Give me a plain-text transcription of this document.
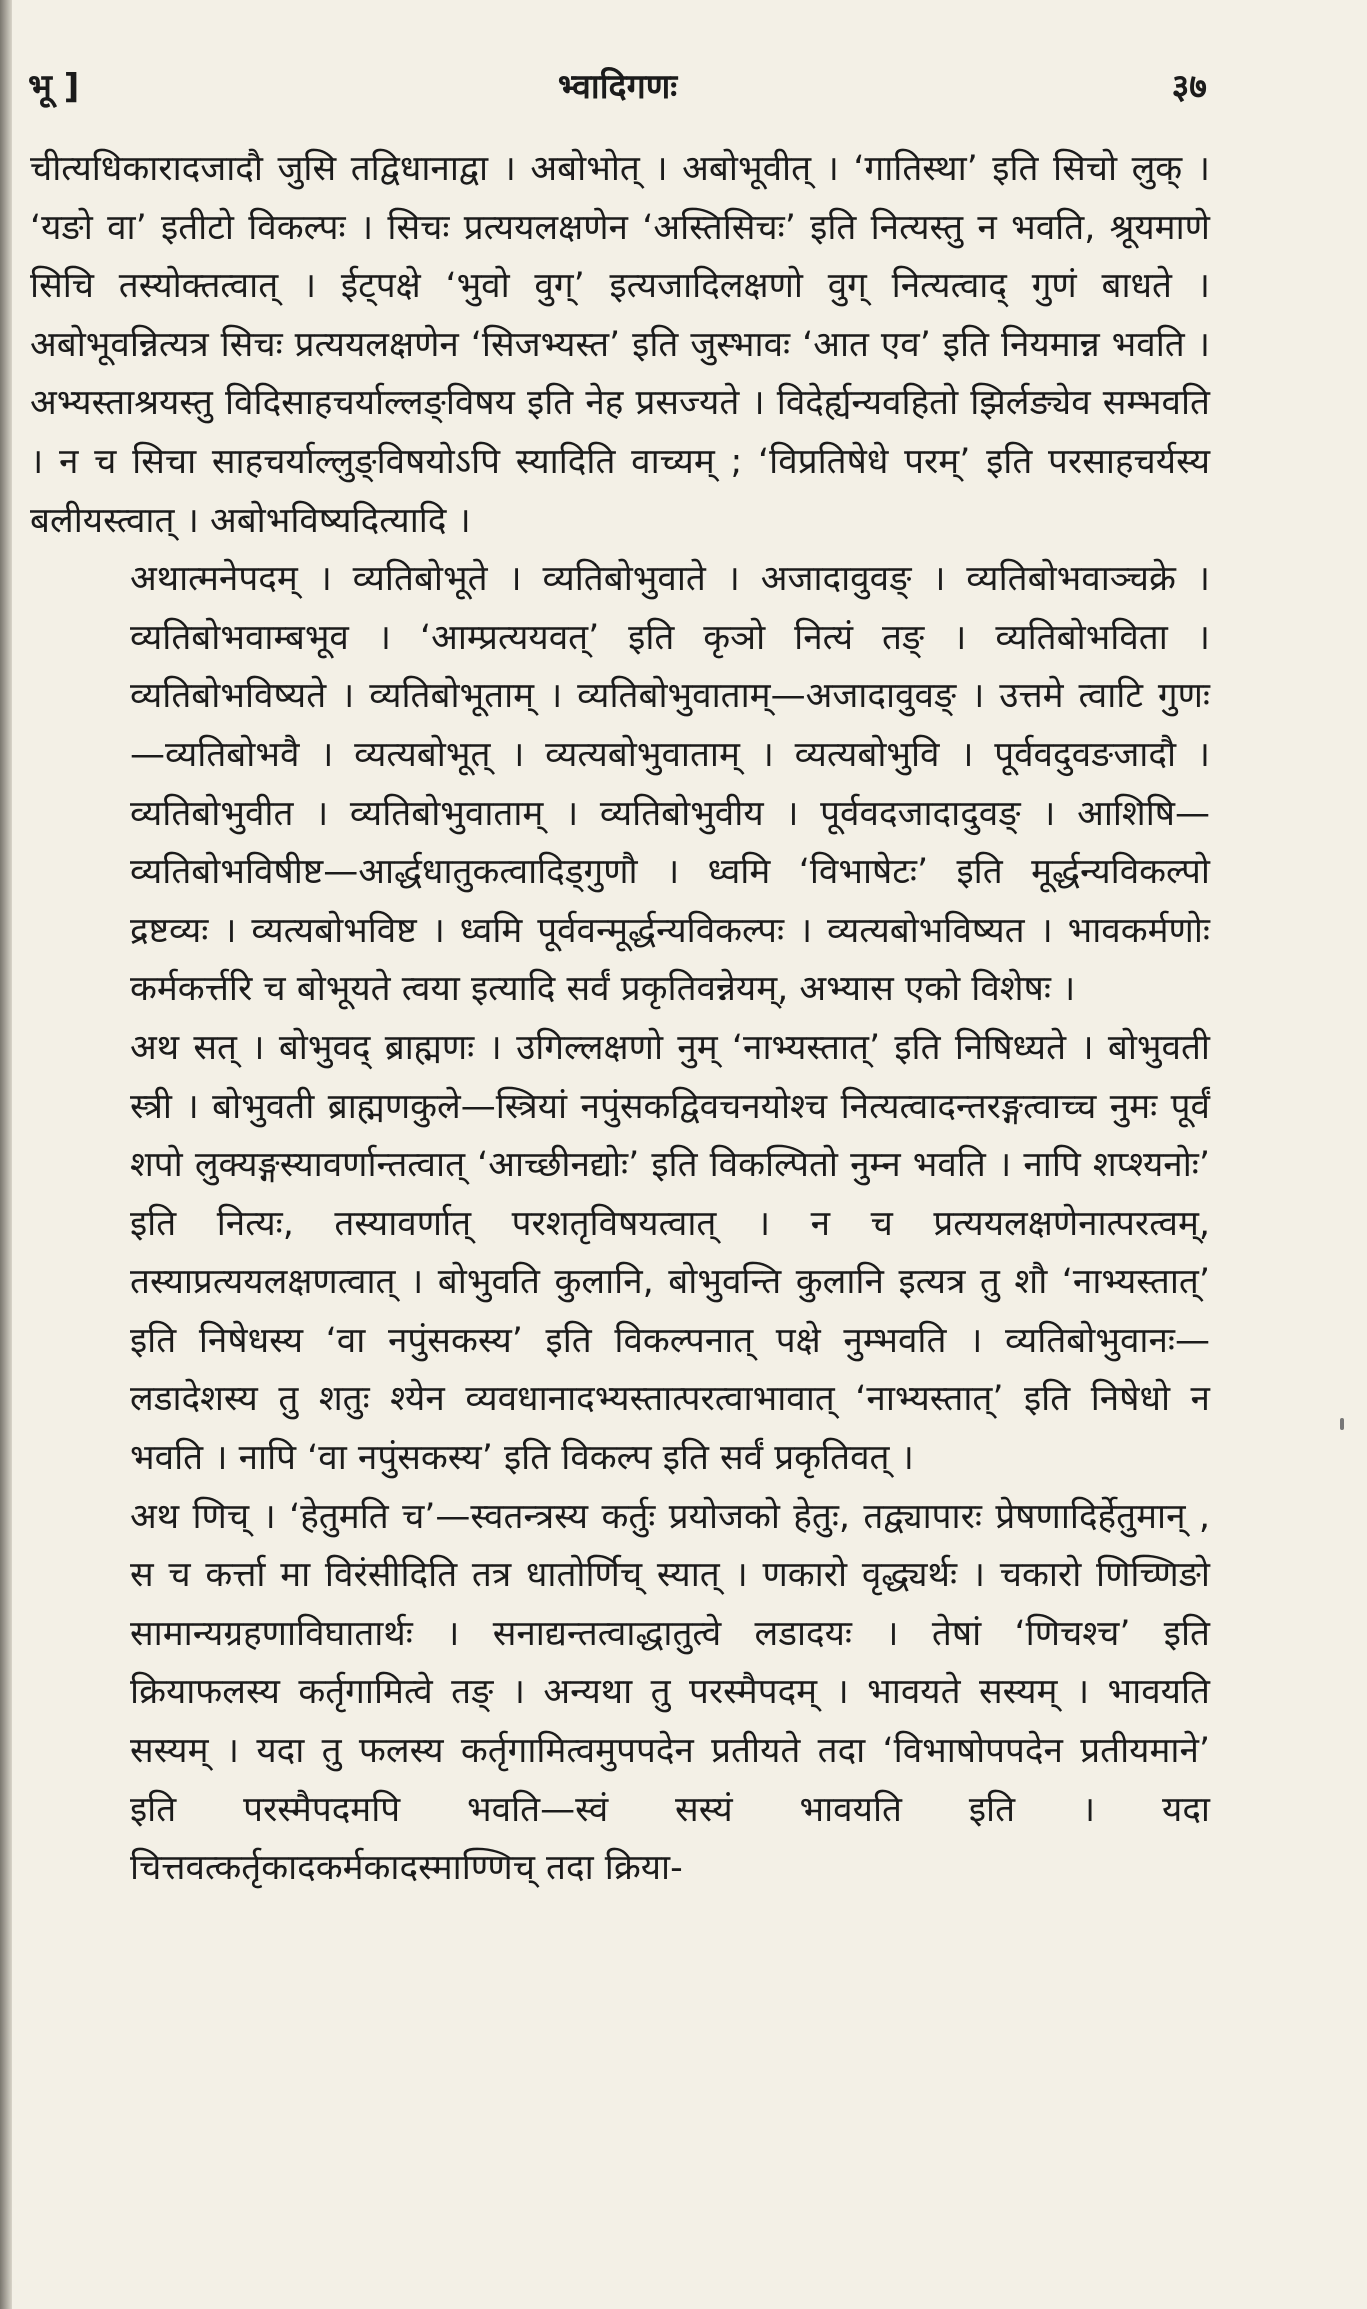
भू ]	भ्वादिगणः	३७

चीत्यधिकारादजादौ जुसि तद्विधानाद्वा । अबोभोत् । अबोभूवीत् । ‘गातिस्था’ इति सिचो लुक् । ‘यङो वा’ इतीटो विकल्पः । सिचः प्रत्ययलक्षणेन ‘अस्तिसिचः’ इति नित्यस्तु न भवति, श्रूयमाणे सिचि तस्योक्तत्वात् । ईट्पक्षे ‘भुवो वुग्’ इत्यजादिलक्षणो वुग् नित्यत्वाद् गुणं बाधते । अबोभूवन्नित्यत्र सिचः प्रत्ययलक्षणेन ‘सिजभ्यस्त’ इति जुस्भावः ‘आत एव’ इति नियमान्न भवति । अभ्यस्ताश्रयस्तु विदिसाहचर्याल्लङ्विषय इति नेह प्रसज्यते । विदेर्ह्यन्यवहितो झिर्लङ्येव सम्भवति । न च सिचा साहचर्याल्लुङ्विषयोऽपि स्यादिति वाच्यम् ; ‘विप्रतिषेधे परम्’ इति परसाहचर्यस्य बलीयस्त्वात् । अबोभविष्यदित्यादि ।

अथात्मनेपदम् । व्यतिबोभूते । व्यतिबोभुवाते । अजादावुवङ् । व्यतिबोभवाञ्चक्रे । व्यतिबोभवाम्बभूव । ‘आम्प्रत्ययवत्’ इति कृञो नित्यं तङ् । व्यतिबोभविता । व्यतिबोभविष्यते । व्यतिबोभूताम् । व्यतिबोभुवाताम्—अजादावुवङ् । उत्तमे त्वाटि गुणः—व्यतिबोभवै । व्यत्यबोभूत् । व्यत्यबोभुवाताम् । व्यत्यबोभुवि । पूर्ववदुवङजादौ । व्यतिबोभुवीत । व्यतिबोभुवाताम् । व्यतिबोभुवीय । पूर्ववदजादादुवङ् । आशिषि—व्यतिबोभविषीष्ट—आर्द्धधातुकत्वादिड्गुणौ । ध्वमि ‘विभाषेटः’ इति मूर्द्धन्यविकल्पो द्रष्टव्यः । व्यत्यबोभविष्ट । ध्वमि पूर्ववन्मूर्द्धन्यविकल्पः । व्यत्यबोभविष्यत । भावकर्मणोः कर्मकर्त्तरि च बोभूयते त्वया इत्यादि सर्वं प्रकृतिवन्नेयम्, अभ्यास एको विशेषः ।

अथ सत् । बोभुवद् ब्राह्मणः । उगिल्लक्षणो नुम् ‘नाभ्यस्तात्’ इति निषिध्यते । बोभुवती स्त्री । बोभुवती ब्राह्मणकुले—स्त्रियां नपुंसकद्विवचनयोश्च नित्यत्वादन्तरङ्गत्वाच्च नुमः पूर्वं शपो लुक्यङ्गस्यावर्णान्तत्वात् ‘आच्छीनद्योः’ इति विकल्पितो नुम्न भवति । नापि शप्श्यनोः’ इति नित्यः, तस्यावर्णात् परशतृविषयत्वात् । न च प्रत्ययलक्षणेनात्परत्वम्, तस्याप्रत्ययलक्षणत्वात् । बोभुवति कुलानि, बोभुवन्ति कुलानि इत्यत्र तु शौ ‘नाभ्यस्तात्’ इति निषेधस्य ‘वा नपुंसकस्य’ इति विकल्पनात् पक्षे नुम्भवति । व्यतिबोभुवानः—लडादेशस्य तु शतुः श्येन व्यवधानादभ्यस्तात्परत्वाभावात् ‘नाभ्यस्तात्’ इति निषेधो न भवति । नापि ‘वा नपुंसकस्य’ इति विकल्प इति सर्वं प्रकृतिवत् ।

अथ णिच् । ‘हेतुमति च’—स्वतन्त्रस्य कर्तुः प्रयोजको हेतुः, तद्व्यापारः प्रेषणादिर्हेतुमान् , स च कर्त्ता मा विरंसीदिति तत्र धातोर्णिच् स्यात् । णकारो वृद्ध्यर्थः । चकारो णिच्णिङो सामान्यग्रहणाविघातार्थः । सनाद्यन्तत्वाद्धातुत्वे लडादयः । तेषां ‘णिचश्च’ इति क्रियाफलस्य कर्तृगामित्वे तङ् । अन्यथा तु परस्मैपदम् । भावयते सस्यम् । भावयति सस्यम् । यदा तु फलस्य कर्तृगामित्वमुपपदेन प्रतीयते तदा ‘विभाषोपपदेन प्रतीयमाने’ इति परस्मैपदमपि भवति—स्वं सस्यं भावयति इति । यदा चित्तवत्कर्तृकादकर्मकादस्माण्णिच् तदा क्रिया-
